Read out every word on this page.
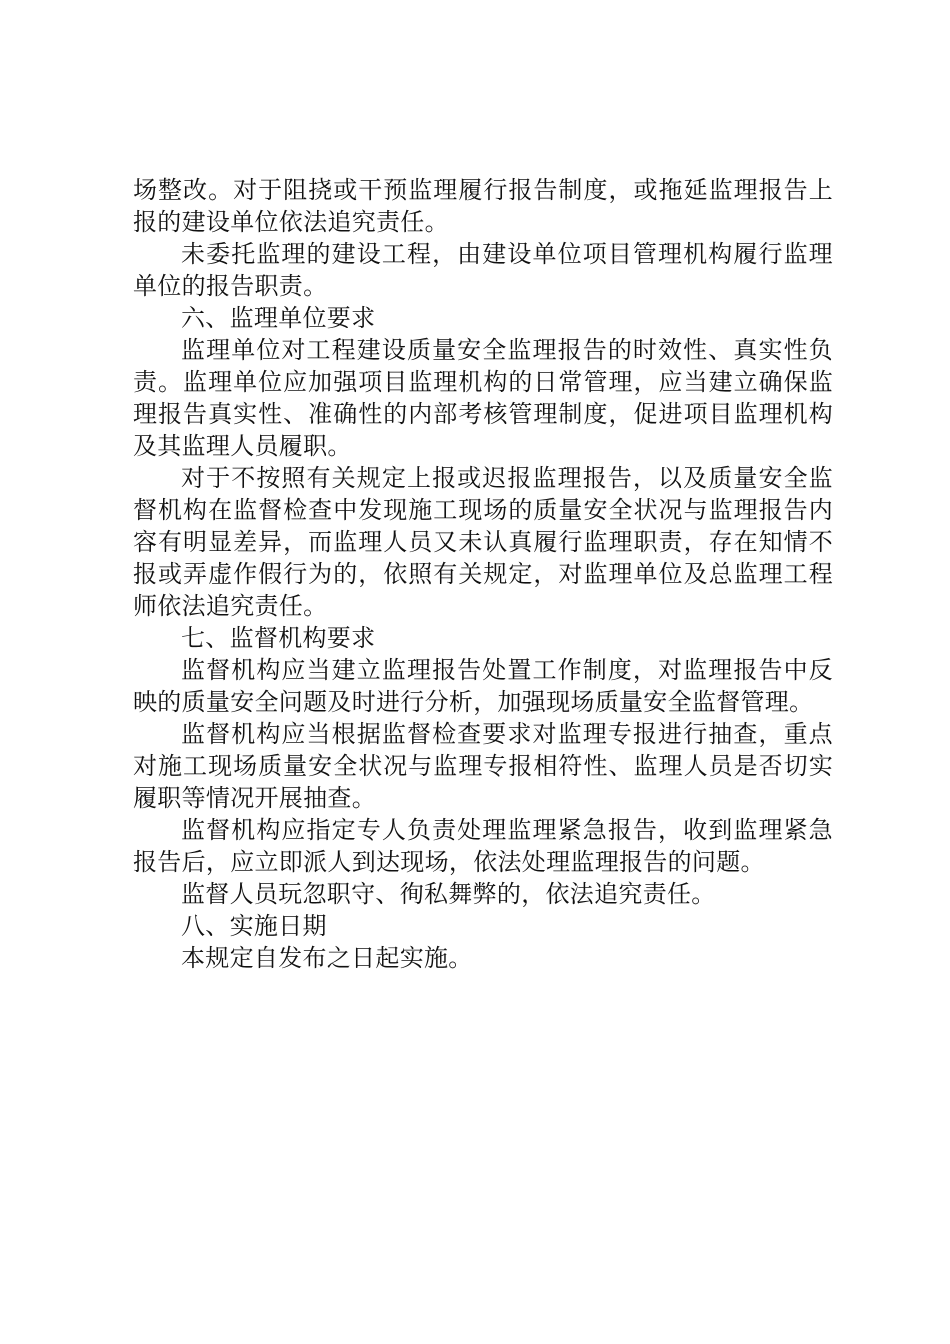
场整改。对于阻挠或干预监理履行报告制度，或拖延监理报告上报的建设单位依法追究责任。

未委托监理的建设工程，由建设单位项目管理机构履行监理单位的报告职责。

六、监理单位要求

监理单位对工程建设质量安全监理报告的时效性、真实性负责。监理单位应加强项目监理机构的日常管理，应当建立确保监理报告真实性、准确性的内部考核管理制度，促进项目监理机构及其监理人员履职。

对于不按照有关规定上报或迟报监理报告，以及质量安全监督机构在监督检查中发现施工现场的质量安全状况与监理报告内容有明显差异，而监理人员又未认真履行监理职责，存在知情不报或弄虚作假行为的，依照有关规定，对监理单位及总监理工程师依法追究责任。

七、监督机构要求

监督机构应当建立监理报告处置工作制度，对监理报告中反映的质量安全问题及时进行分析，加强现场质量安全监督管理。

监督机构应当根据监督检查要求对监理专报进行抽查，重点对施工现场质量安全状况与监理专报相符性、监理人员是否切实履职等情况开展抽查。

监督机构应指定专人负责处理监理紧急报告，收到监理紧急报告后，应立即派人到达现场，依法处理监理报告的问题。

监督人员玩忽职守、徇私舞弊的，依法追究责任。

八、实施日期

本规定自发布之日起实施。
